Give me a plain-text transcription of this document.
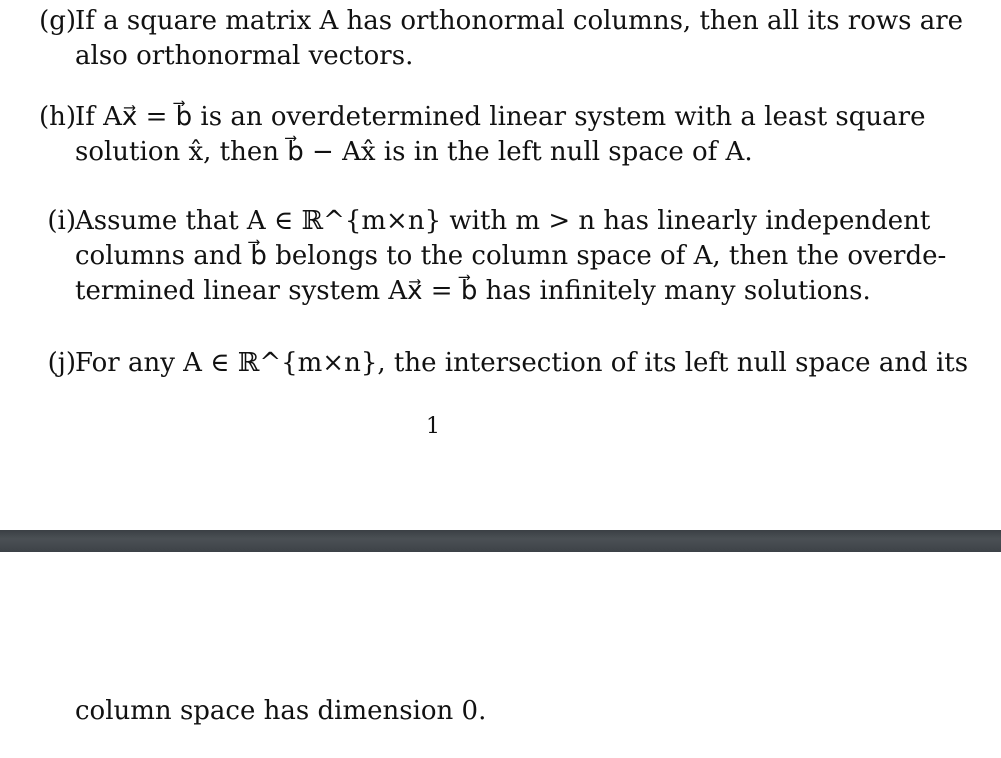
(g) If a square matrix A has orthonormal columns, then all its rows are
also orthonormal vectors.
(h) If Ax⃗ = b⃗ is an overdetermined linear system with a least square
solution x̂, then b⃗ − Ax̂ is in the left null space of A.
(i) Assume that A ∈ ℝ^{m×n} with m > n has linearly independent
columns and b⃗ belongs to the column space of A, then the overde-
termined linear system Ax⃗ = b⃗ has infinitely many solutions.
(j) For any A ∈ ℝ^{m×n}, the intersection of its left null space and its
1
column space has dimension 0.
